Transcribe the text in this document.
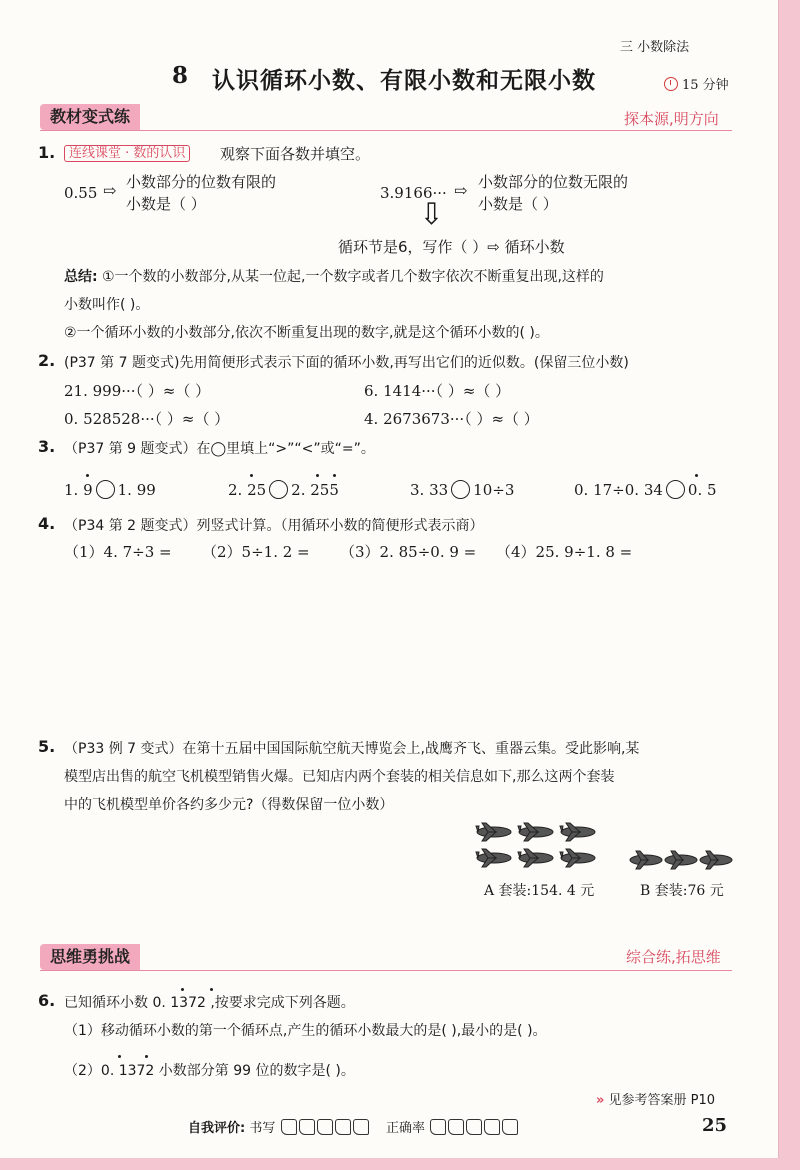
三 小数除法
8 认识循环小数、有限小数和无限小数	15 分钟
教材变式练	探本源,明方向
1.	连线课堂 · 数的认识	观察下面各数并填空。
0.55 ⇨ 小数部分的位数有限的
小数是（ ）
3.9166··· ⇨ 小数部分的位数无限的
小数是（ ）
⇩
循环节是6，写作（ ）⇨ 循环小数
总结: ①一个数的小数部分,从某一位起,一个数字或者几个数字依次不断重复出现,这样的
小数叫作( )。
②一个循环小数的小数部分,依次不断重复出现的数字,就是这个循环小数的( )。
2. (P37 第 7 题变式)先用简便形式表示下面的循环小数,再写出它们的近似数。(保留三位小数)
21. 999···（ ）≈（ ）	6. 1414···（ ）≈（ ）
0. 528528···（ ）≈（ ）	4. 2673673···（ ）≈（ ）
3. （P37 第 9 题变式）在◯里填上“>”“<”或“=”。
1. 9 1. 99	2. 25 2. 255	3. 33 10÷3	0. 17÷0. 34 0. 5
4. （P34 第 2 题变式）列竖式计算。（用循环小数的简便形式表示商）
（1）4. 7÷3 = （2）5÷1. 2 = （3）2. 85÷0. 9 = （4）25. 9÷1. 8 =
5. （P33 例 7 变式）在第十五届中国国际航空航天博览会上,战鹰齐飞、重器云集。受此影响,某
模型店出售的航空飞机模型销售火爆。已知店内两个套装的相关信息如下,那么这两个套装
中的飞机模型单价各约多少元?（得数保留一位小数）
A 套装:154. 4 元	B 套装:76 元
思维勇挑战	综合练,拓思维
6. 已知循环小数 0. 1372 ,按要求完成下列各题。
（1）移动循环小数的第一个循环点,产生的循环小数最大的是( ),最小的是( )。
（2）0. 1372 小数部分第 99 位的数字是( )。
» 见参考答案册 P10
自我评价: 书写	正确率	25
